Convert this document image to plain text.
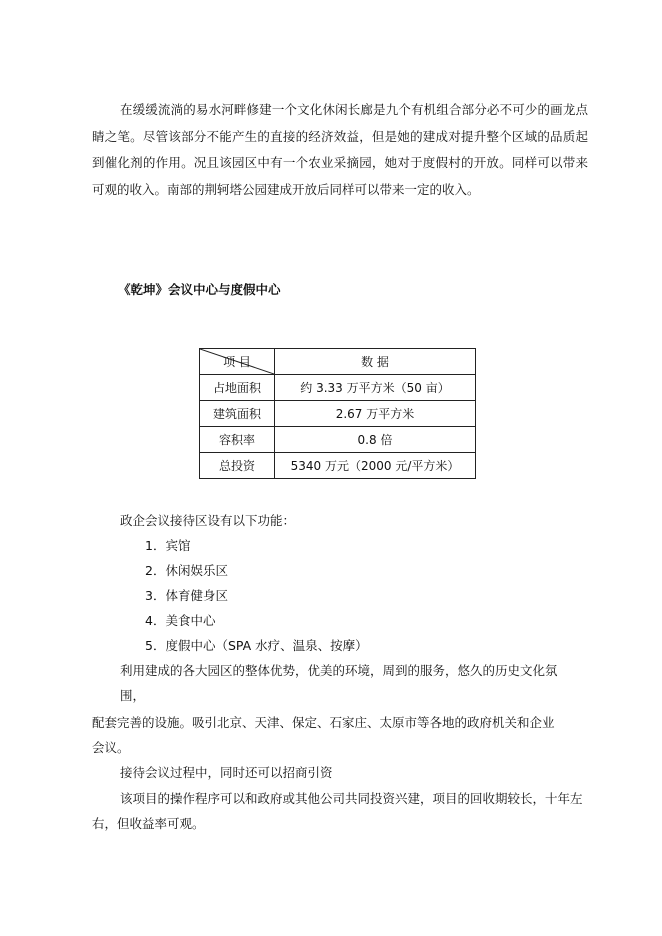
在缓缓流淌的易水河畔修建一个文化休闲长廊是九个有机组合部分必不可少的画龙点睛之笔。尽管该部分不能产生的直接的经济效益，但是她的建成对提升整个区域的品质起到催化剂的作用。况且该园区中有一个农业采摘园，她对于度假村的开放。同样可以带来可观的收入。南部的荆轲塔公园建成开放后同样可以带来一定的收入。

《乾坤》会议中心与度假中心

项 目	数 据
占地面积	约 3.33 万平方米（50 亩）
建筑面积	2.67 万平方米
容积率	0.8 倍
总投资	5340 万元（2000 元/平方米）

政企会议接待区设有以下功能：

1．宾馆

2．休闲娱乐区

3．体育健身区

4．美食中心

5．度假中心（SPA 水疗、温泉、按摩）

利用建成的各大园区的整体优势，优美的环境，周到的服务，悠久的历史文化氛

围，

配套完善的设施。吸引北京、天津、保定、石家庄、太原市等各地的政府机关和企业

会议。

接待会议过程中，同时还可以招商引资

该项目的操作程序可以和政府或其他公司共同投资兴建，项目的回收期较长，十年左右，但收益率可观。
